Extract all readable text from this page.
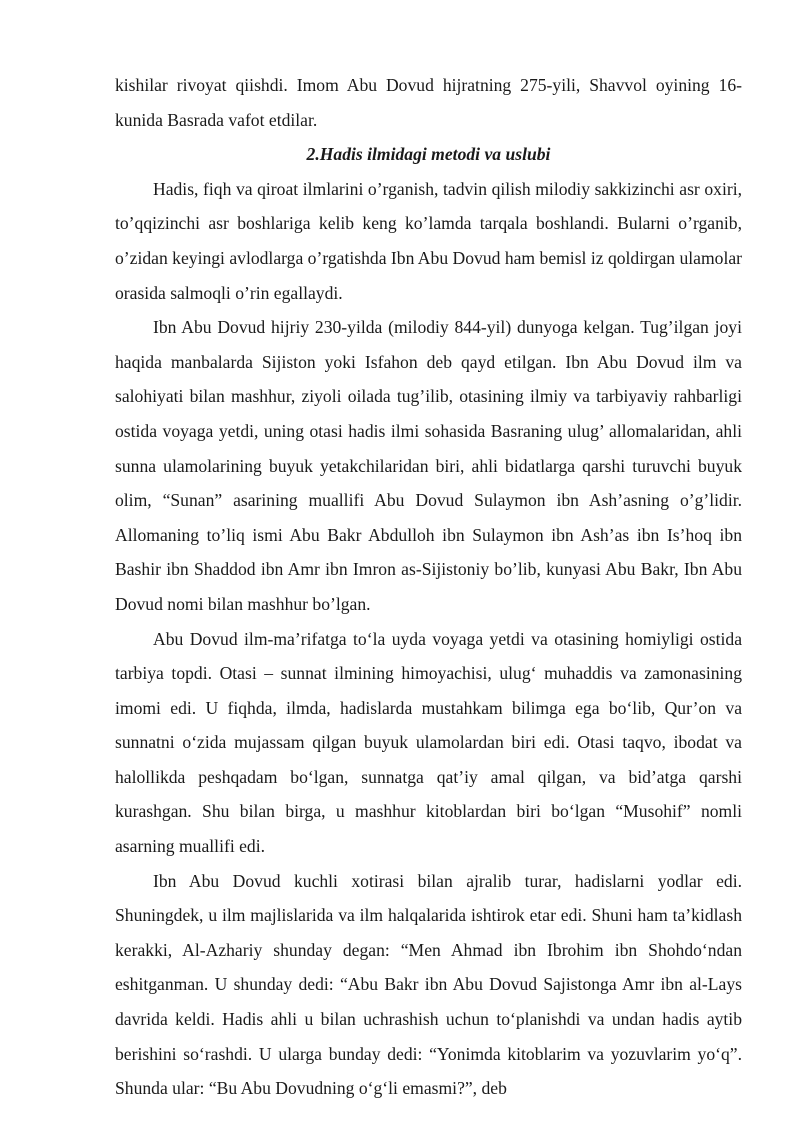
kishilar rivoyat qiishdi. Imom Abu Dovud hijratning 275-yili, Shavvol oyining 16-kunida Basrada vafot etdilar.

2.Hadis ilmidagi metodi va uslubi

Hadis, fiqh va qiroat ilmlarini o’rganish, tadvin qilish milodiy sakkizinchi asr oxiri, to’qqizinchi asr boshlariga kelib keng ko’lamda tarqala boshlandi. Bularni o’rganib, o’zidan keyingi avlodlarga o’rgatishda Ibn Abu Dovud ham bemisl iz qoldirgan ulamolar orasida salmoqli o’rin egallaydi.

Ibn Abu Dovud hijriy 230-yilda (milodiy 844-yil) dunyoga kelgan. Tug’ilgan joyi haqida manbalarda Sijiston yoki Isfahon deb qayd etilgan. Ibn Abu Dovud ilm va salohiyati bilan mashhur, ziyoli oilada tug’ilib, otasining ilmiy va tarbiyaviy rahbarligi ostida voyaga yetdi, uning otasi hadis ilmi sohasida Basraning ulug’ allomalaridan, ahli sunna ulamolarining buyuk yetakchilaridan biri, ahli bidatlarga qarshi turuvchi buyuk olim, “Sunan” asarining muallifi Abu Dovud Sulaymon ibn Ash’asning o’g’lidir. Allomaning to’liq ismi Abu Bakr Abdulloh ibn Sulaymon ibn Ash’as ibn Is’hoq ibn Bashir ibn Shaddod ibn Amr ibn Imron as-Sijistoniy bo’lib, kunyasi Abu Bakr, Ibn Abu Dovud nomi bilan mashhur bo’lgan.

Abu Dovud ilm-ma’rifatga to‘la uyda voyaga yetdi va otasining homiyligi ostida tarbiya topdi. Otasi – sunnat ilmining himoyachisi, ulug‘ muhaddis va zamonasining imomi edi. U fiqhda, ilmda, hadislarda mustahkam bilimga ega bo‘lib, Qur’on va sunnatni o‘zida mujassam qilgan buyuk ulamolardan biri edi. Otasi taqvo, ibodat va halollikda peshqadam bo‘lgan, sunnatga qat’iy amal qilgan, va bid’atga qarshi kurashgan. Shu bilan birga, u mashhur kitoblardan biri bo‘lgan “Musohif” nomli asarning muallifi edi.

Ibn Abu Dovud kuchli xotirasi bilan ajralib turar, hadislarni yodlar edi. Shuningdek, u ilm majlislarida va ilm halqalarida ishtirok etar edi. Shuni ham ta’kidlash kerakki, Al-Azhariy shunday degan: “Men Ahmad ibn Ibrohim ibn Shohdo‘ndan eshitganman. U shunday dedi: “Abu Bakr ibn Abu Dovud Sajistonga Amr ibn al-Lays davrida keldi. Hadis ahli u bilan uchrashish uchun to‘planishdi va undan hadis aytib berishini so‘rashdi. U ularga bunday dedi: “Yonimda kitoblarim va yozuvlarim yo‘q”. Shunda ular: “Bu Abu Dovudning o‘g‘li emasmi?”, deb
